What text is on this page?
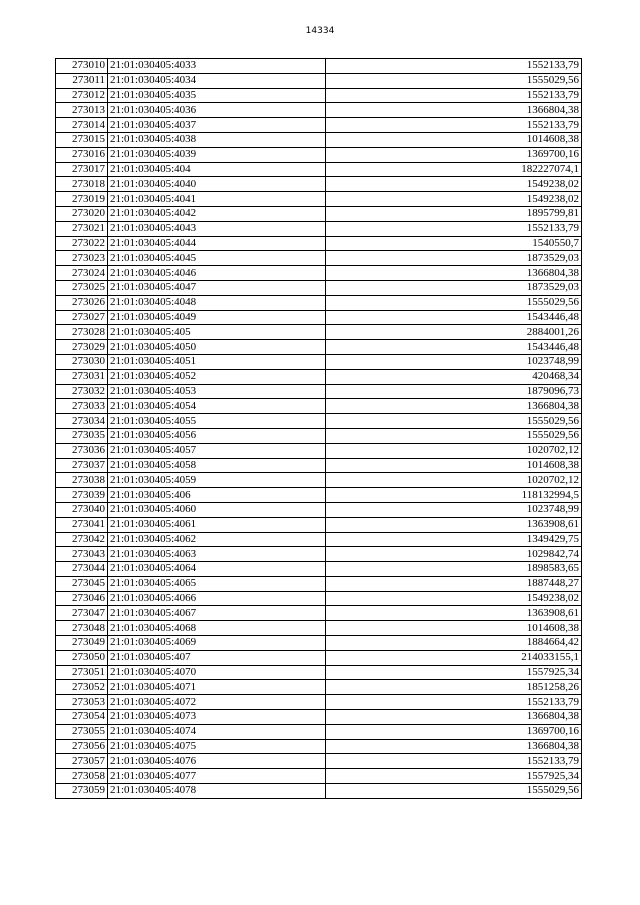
14334
273010	21:01:030405:4033	1552133,79
273011	21:01:030405:4034	1555029,56
273012	21:01:030405:4035	1552133,79
273013	21:01:030405:4036	1366804,38
273014	21:01:030405:4037	1552133,79
273015	21:01:030405:4038	1014608,38
273016	21:01:030405:4039	1369700,16
273017	21:01:030405:404	182227074,1
273018	21:01:030405:4040	1549238,02
273019	21:01:030405:4041	1549238,02
273020	21:01:030405:4042	1895799,81
273021	21:01:030405:4043	1552133,79
273022	21:01:030405:4044	1540550,7
273023	21:01:030405:4045	1873529,03
273024	21:01:030405:4046	1366804,38
273025	21:01:030405:4047	1873529,03
273026	21:01:030405:4048	1555029,56
273027	21:01:030405:4049	1543446,48
273028	21:01:030405:405	2884001,26
273029	21:01:030405:4050	1543446,48
273030	21:01:030405:4051	1023748,99
273031	21:01:030405:4052	420468,34
273032	21:01:030405:4053	1879096,73
273033	21:01:030405:4054	1366804,38
273034	21:01:030405:4055	1555029,56
273035	21:01:030405:4056	1555029,56
273036	21:01:030405:4057	1020702,12
273037	21:01:030405:4058	1014608,38
273038	21:01:030405:4059	1020702,12
273039	21:01:030405:406	118132994,5
273040	21:01:030405:4060	1023748,99
273041	21:01:030405:4061	1363908,61
273042	21:01:030405:4062	1349429,75
273043	21:01:030405:4063	1029842,74
273044	21:01:030405:4064	1898583,65
273045	21:01:030405:4065	1887448,27
273046	21:01:030405:4066	1549238,02
273047	21:01:030405:4067	1363908,61
273048	21:01:030405:4068	1014608,38
273049	21:01:030405:4069	1884664,42
273050	21:01:030405:407	214033155,1
273051	21:01:030405:4070	1557925,34
273052	21:01:030405:4071	1851258,26
273053	21:01:030405:4072	1552133,79
273054	21:01:030405:4073	1366804,38
273055	21:01:030405:4074	1369700,16
273056	21:01:030405:4075	1366804,38
273057	21:01:030405:4076	1552133,79
273058	21:01:030405:4077	1557925,34
273059	21:01:030405:4078	1555029,56
